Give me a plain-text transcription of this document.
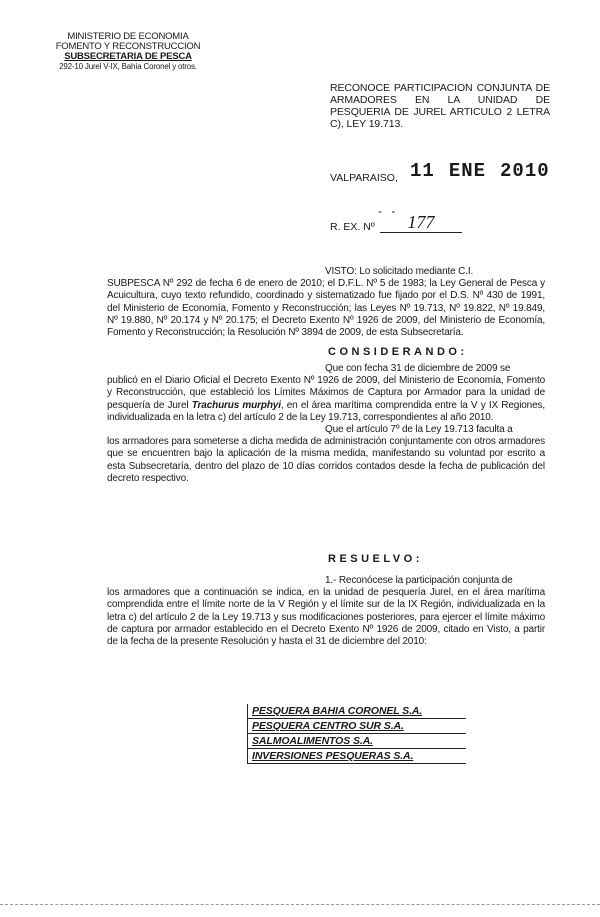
MINISTERIO DE ECONOMIA
FOMENTO Y RECONSTRUCCION
SUBSECRETARIA DE PESCA
292-10 Jurel V-IX, Bahía Coronel y otros.
RECONOCE PARTICIPACION CONJUNTA DE ARMADORES EN LA UNIDAD DE PESQUERIA DE JUREL ARTICULO 2 LETRA C), LEY 19.713.
VALPARAISO, 11 ENE 2010
- -
R. EX. Nº	177

VISTO: Lo solicitado mediante C.I.

SUBPESCA Nº 292 de fecha 6 de enero de 2010; el D.F.L. Nº 5 de 1983; la Ley General de Pesca y Acuicultura, cuyo texto refundido, coordinado y sistematizado fue fijado por el D.S. Nº 430 de 1991, del Ministerio de Economía, Fomento y Reconstrucción; las Leyes Nº 19.713, Nº 19.822, Nº 19.849, Nº 19.880, Nº 20.174 y Nº 20.175; el Decreto Exento Nº 1926 de 2009, del Ministerio de Economía, Fomento y Reconstrucción; la Resolución Nº 3894 de 2009, de esta Subsecretaría.

CONSIDERANDO:

Que con fecha 31 de diciembre de 2009 se

publicó en el Diario Oficial el Decreto Exento Nº 1926 de 2009, del Ministerio de Economía, Fomento y Reconstrucción, que estableció los Límites Máximos de Captura por Armador para la unidad de pesquería de Jurel Trachurus murphyi, en el área marítima comprendida entre la V y IX Regiones, individualizada en la letra c) del artículo 2 de la Ley 19.713, correspondientes al año 2010.

Que el artículo 7º de la Ley 19.713 faculta a

los armadores para someterse a dicha medida de administración conjuntamente con otros armadores que se encuentren bajo la aplicación de la misma medida, manifestando su voluntad por escrito a esta Subsecretaría, dentro del plazo de 10 días corridos contados desde la fecha de publicación del decreto respectivo.

RESUELVO:

1.- Reconócese la participación conjunta de

los armadores que a continuación se indica, en la unidad de pesquería Jurel, en el área marítima comprendida entre el límite norte de la V Región y el límite sur de la IX Región, individualizada en la letra c) del artículo 2 de la Ley 19.713 y sus modificaciones posteriores, para ejercer el límite máximo de captura por armador establecido en el Decreto Exento Nº 1926 de 2009, citado en Visto, a partir de la fecha de la presente Resolución y hasta el 31 de diciembre del 2010:

PESQUERA BAHIA CORONEL S.A.
PESQUERA CENTRO SUR S.A.
SALMOALIMENTOS S.A.
INVERSIONES PESQUERAS S.A.
